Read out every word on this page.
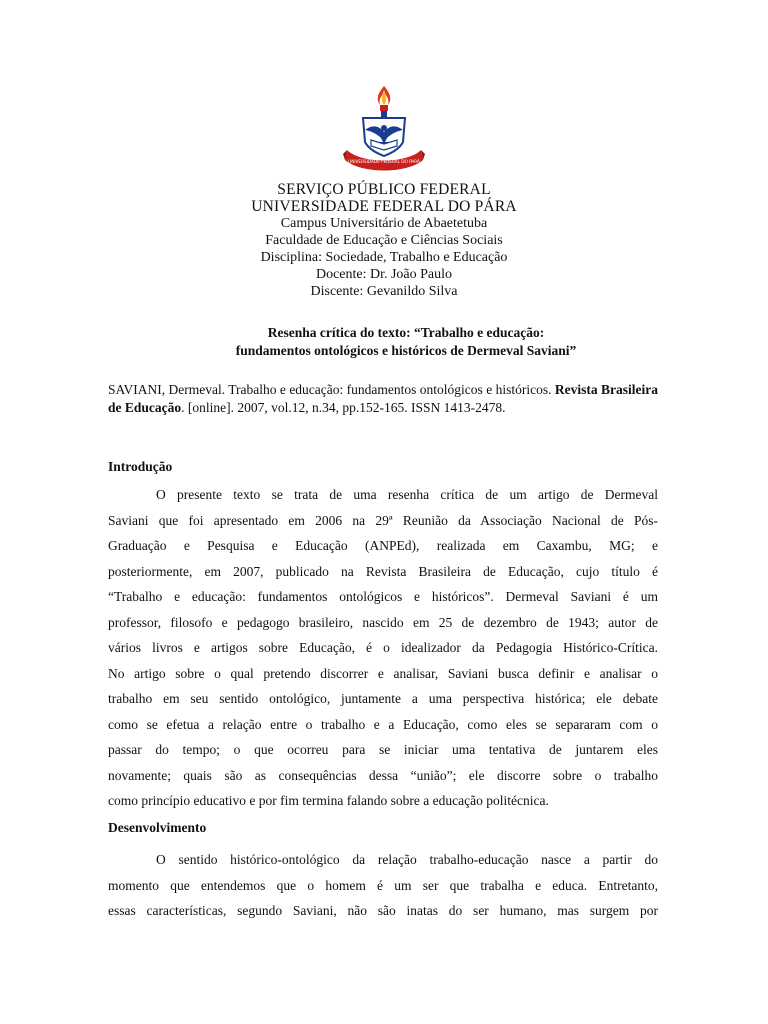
UNIVERSIDADE FEDERAL DO PARÁ
SERVIÇO PÚBLICO FEDERAL
UNIVERSIDADE FEDERAL DO PÁRA
Campus Universitário de Abaetetuba
Faculdade de Educação e Ciências Sociais
Disciplina: Sociedade, Trabalho e Educação
Docente: Dr. João Paulo
Discente: Gevanildo Silva
Resenha crítica do texto: “Trabalho e educação:
fundamentos ontológicos e históricos de Dermeval Saviani”
SAVIANI, Dermeval. Trabalho e educação: fundamentos ontológicos e históricos. Revista Brasileira de Educação. [online]. 2007, vol.12, n.34, pp.152-165. ISSN 1413-2478.
Introdução
O presente texto se trata de uma resenha crítica de um artigo de Dermeval
Saviani que foi apresentado em 2006 na 29ª Reunião da Associação Nacional de Pós-
Graduação e Pesquisa e Educação (ANPEd), realizada em Caxambu, MG; e
posteriormente, em 2007, publicado na Revista Brasileira de Educação, cujo título é
“Trabalho e educação: fundamentos ontológicos e históricos”. Dermeval Saviani é um
professor, filosofo e pedagogo brasileiro, nascido em 25 de dezembro de 1943; autor de
vários livros e artigos sobre Educação, é o idealizador da Pedagogia Histórico-Crítica.
No artigo sobre o qual pretendo discorrer e analisar, Saviani busca definir e analisar o
trabalho em seu sentido ontológico, juntamente a uma perspectiva histórica; ele debate
como se efetua a relação entre o trabalho e a Educação, como eles se separaram com o
passar do tempo; o que ocorreu para se iniciar uma tentativa de juntarem eles
novamente; quais são as consequências dessa “união”; ele discorre sobre o trabalho
como princípio educativo e por fim termina falando sobre a educação politécnica.
Desenvolvimento
O sentido histórico-ontológico da relação trabalho-educação nasce a partir do
momento que entendemos que o homem é um ser que trabalha e educa. Entretanto,
essas características, segundo Saviani, não são inatas do ser humano, mas surgem por
